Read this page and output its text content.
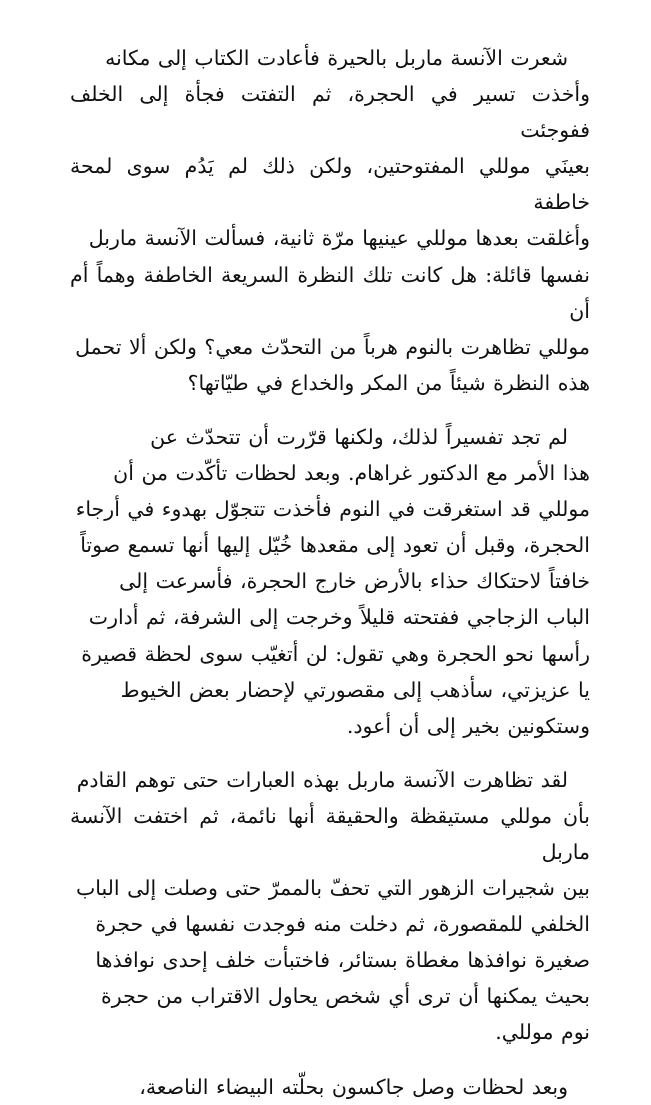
شعرت الآنسة ماربل بالحيرة فأعادت الكتاب إلى مكانه

وأخذت تسير في الحجرة، ثم التفتت فجأة إلى الخلف ففوجئت

بعينَي موللي المفتوحتين، ولكن ذلك لم يَدُم سوى لمحة خاطفة

وأغلقت بعدها موللي عينيها مرّة ثانية، فسألت الآنسة ماربل

نفسها قائلة: هل كانت تلك النظرة السريعة الخاطفة وهماً أم أن

موللي تظاهرت بالنوم هرباً من التحدّث معي؟ ولكن ألا تحمل

هذه النظرة شيئاً من المكر والخداع في طيّاتها؟

لم تجد تفسيراً لذلك، ولكنها قرّرت أن تتحدّث عن

هذا الأمر مع الدكتور غراهام. وبعد لحظات تأكّدت من أن

موللي قد استغرقت في النوم فأخذت تتجوّل بهدوء في أرجاء

الحجرة، وقبل أن تعود إلى مقعدها خُيّل إليها أنها تسمع صوتاً

خافتاً لاحتكاك حذاء بالأرض خارج الحجرة، فأسرعت إلى

الباب الزجاجي ففتحته قليلاً وخرجت إلى الشرفة، ثم أدارت

رأسها نحو الحجرة وهي تقول: لن أتغيّب سوى لحظة قصيرة

يا عزيزتي، سأذهب إلى مقصورتي لإحضار بعض الخيوط

وستكونين بخير إلى أن أعود.

لقد تظاهرت الآنسة ماربل بهذه العبارات حتى توهم القادم

بأن موللي مستيقظة والحقيقة أنها نائمة، ثم اختفت الآنسة ماربل

بين شجيرات الزهور التي تحفّ بالممرّ حتى وصلت إلى الباب

الخلفي للمقصورة، ثم دخلت منه فوجدت نفسها في حجرة

صغيرة نوافذها مغطاة بستائر، فاختبأت خلف إحدى نوافذها

بحيث يمكنها أن ترى أي شخص يحاول الاقتراب من حجرة

نوم موللي.

وبعد لحظات وصل جاكسون بحلّته البيضاء الناصعة،
